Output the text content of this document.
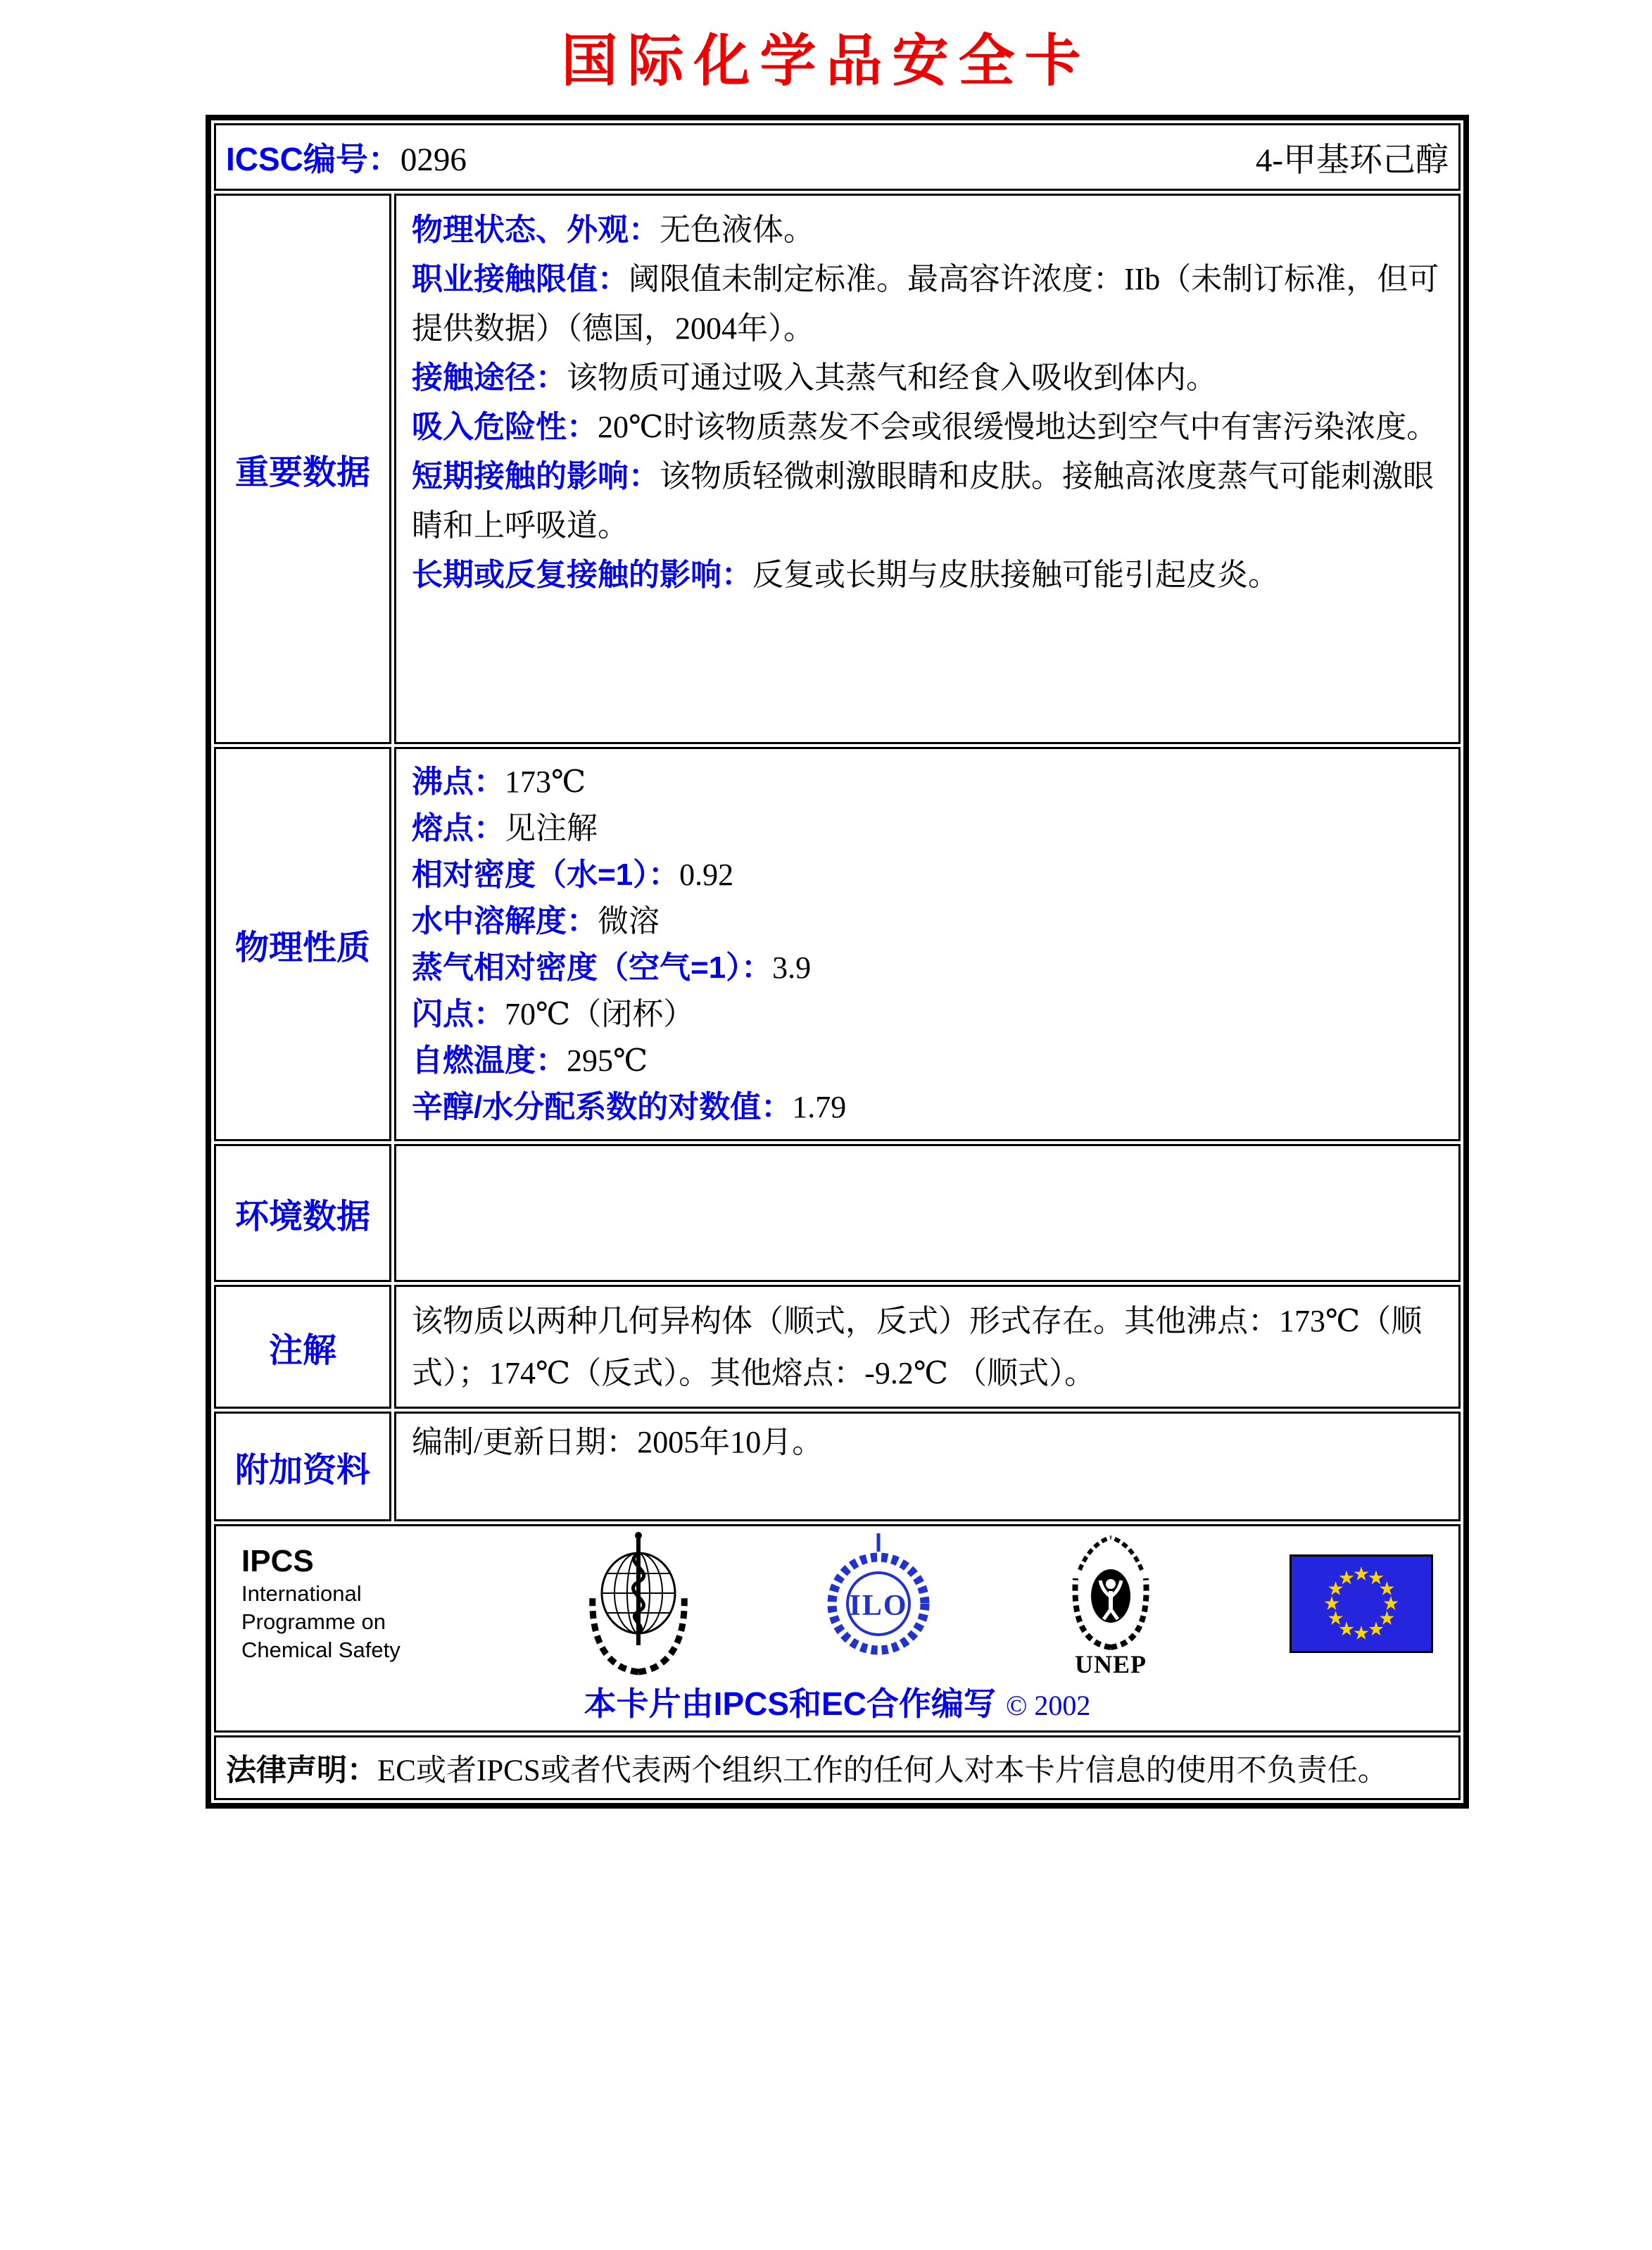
国际化学品安全卡
ICSC编号：0296 4-甲基环己醇	

重要数据	
物理状态、外观：无色液体。
职业接触限值：阈限值未制定标准。最高容许浓度：IIb（未制订标准，但可提供数据）（德国，2004年）。
接触途径：该物质可通过吸入其蒸气和经食入吸收到体内。
吸入危险性：20℃时该物质蒸发不会或很缓慢地达到空气中有害污染浓度。
短期接触的影响：该物质轻微刺激眼睛和皮肤。接触高浓度蒸气可能刺激眼睛和上呼吸道。
长期或反复接触的影响：反复或长期与皮肤接触可能引起皮炎。

物理性质	
沸点：173℃
熔点：见注解
相对密度（水=1）：0.92
水中溶解度：微溶
蒸气相对密度（空气=1）：3.9
闪点：70℃（闭杯）
自燃温度：295℃
辛醇/水分配系数的对数值：1.79

环境数据	
注解	该物质以两种几何异构体（顺式，反式）形式存在。其他沸点：173℃（顺式）；174℃（反式）。其他熔点：-9.2℃ （顺式）。
附加资料	编制/更新日期：2005年10月。

IPCS
International
Programme on
Chemical Safety
ILO
UNEP
本卡片由IPCS和EC合作编写 © 2002

法律声明：EC或者IPCS或者代表两个组织工作的任何人对本卡片信息的使用不负责任。	
